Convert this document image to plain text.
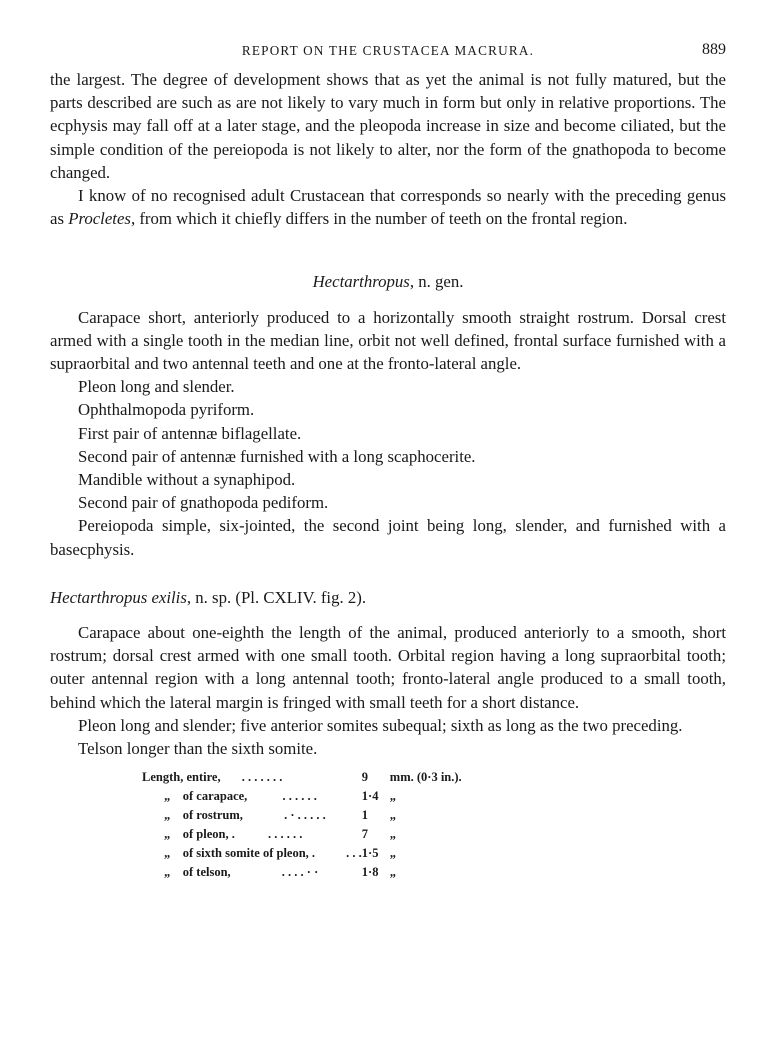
REPORT ON THE CRUSTACEA MACRURA.	889

the largest. The degree of development shows that as yet the animal is not fully matured, but the parts described are such as are not likely to vary much in form but only in relative proportions. The ecphysis may fall off at a later stage, and the pleopoda increase in size and become ciliated, but the simple condition of the pereiopoda is not likely to alter, nor the form of the gnathopoda to become changed.

I know of no recognised adult Crustacean that corresponds so nearly with the preceding genus as Procletes, from which it chiefly differs in the number of teeth on the frontal region.

Hectarthropus, n. gen.

Carapace short, anteriorly produced to a horizontally smooth straight rostrum. Dorsal crest armed with a single tooth in the median line, orbit not well defined, frontal surface furnished with a supraorbital and two antennal teeth and one at the fronto-lateral angle.

Pleon long and slender.

Ophthalmopoda pyriform.

First pair of antennæ biflagellate.

Second pair of antennæ furnished with a long scaphocerite.

Mandible without a synaphipod.

Second pair of gnathopoda pediform.

Pereiopoda simple, six-jointed, the second joint being long, slender, and furnished with a basecphysis.

Hectarthropus exilis, n. sp. (Pl. CXLIV. fig. 2).

Carapace about one-eighth the length of the animal, produced anteriorly to a smooth, short rostrum; dorsal crest armed with one small tooth. Orbital region having a long supraorbital tooth; outer antennal region with a long antennal tooth; fronto-lateral angle produced to a small tooth, behind which the lateral margin is fringed with small teeth for a short distance.

Pleon long and slender; five anterior somites subequal; sixth as long as the two preceding.

Telson longer than the sixth somite.

Length, entire, . . . . . . .	9	mm. (0·3 in.).
„ of carapace, . . . . . .	1·4	„
„ of rostrum, . · . . . . .	1	„
„ of pleon, . . . . . . .	7	„
„ of sixth somite of pleon, . . . .	1·5	„
„ of telson, . . . . · ·	1·8	„
